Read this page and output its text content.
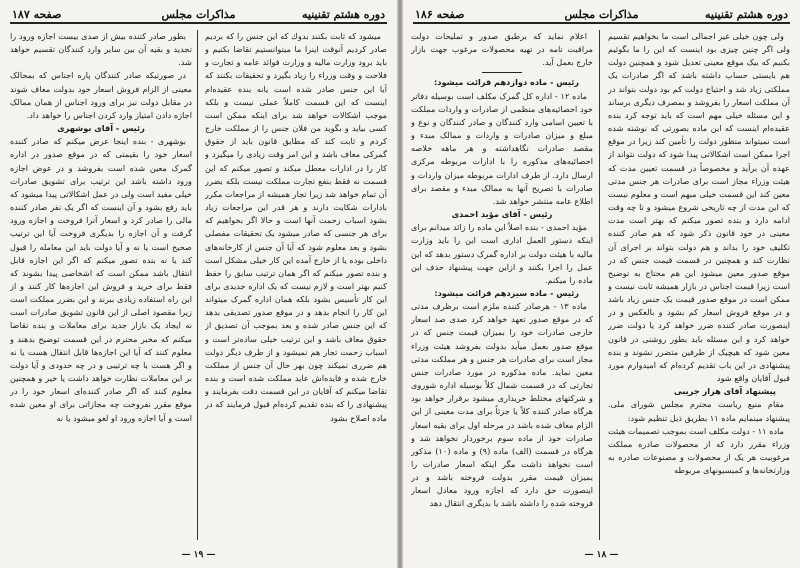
دوره هشتم تقنینیه
مذاکرات مجلس
صفحه ۱۸۷

میشود که ثابت بکنند بدوك كه این جنس را كه بردیم صادر کردیم آنوقت اینرا ما میتوانستیم تقاضا بکنیم و باید برود وزارت مالیه و وزارت فوائد عامه و تجارت و فلاحت و وقت وزراء را زیاد بگیرد و تحقیقات بکنند که آیا این جنس صادر شده است یانه بنده عقیده‌ام اینست که این قسمت کاملاً عملی نیست و بلکه موجب اشکالات خواهد شد برای اینکه ممکن است کسی بیاید و بگوید من فلان جنس را از مملکت خارج کردم و ثابت کند که مطابق قانون باید از حقوق گمرکی معاف باشد و این امر وقت زیادی را میگیرد و کار را در ادارات معطل میکند و تصور میکنم که این قسمت نه فقط بنفع تجارت مملکت نیست بلکه بضرر آن تمام خواهد شد زیرا تجار همیشه از مراجعات مکرر بادارات شکایت دارند و هر قدر این مراجعات زیاد بشود اسباب زحمت آنها است و حالا اگر بخواهیم که برای هر جنسی که صادر میشود یک تحقیقات مفصلی بشود و بعد معلوم شود که آیا آن جنس از کارخانه‌های داخلی بوده یا از خارج آمده این کار خیلی مشکل است و بنده تصور میکنم که اگر همان ترتیب سابق را حفظ کنیم بهتر است و لازم نیست که یک اداره جدیدی برای این کار تأسیس بشود بلکه همان اداره گمرک میتواند این کار را انجام بدهد و در موقع صدور تصدیقی بدهد که این جنس صادر شده و بعد بموجب آن تصدیق از حقوق معاف باشد و این ترتیب خیلی ساده‌تر است و اسباب زحمت تجار هم نمیشود و از طرف دیگر دولت هم ضرری نمیکند چون بهر حال آن جنس از مملکت خارج شده و فایده‌اش عاید مملکت شده است و بنده تقاضا میکنم که آقایان در این قسمت دقت بفرمایند و پیشنهادی را که بنده تقدیم کرده‌ام قبول فرمایند که در ماده اصلاح بشود

بطور صادر کننده بیش از صدی بیست اجازه ورود را تجدید و بقیه آن بین سایر وارد کنندگان تقسیم خواهد شد.

در صورتیکه صادر کنندگان پاره اجناس که بمحالک معینی از الزام فروش اسعار خود بدولت معاف شوند در مقابل دولت نیز برای ورود اجناس از همان ممالک اجازه دادن امتیاز وارد کردن اجناس را خواهد داد.

رئیس - آقای بوشهری

بوشهری - بنده اینجا عرض میکنم که صادر کننده اسعار خود را بقیمتی که در موقع صدور در اداره گمرک معین شده است بفروشد و در عوض اجازه ورود داشته باشد این ترتیب برای تشویق صادرات خیلی مفید است ولی در عمل اشکالاتی پیدا میشود که باید رفع بشود و آن اینست که اگر یک نفر صادر کننده مالی را صادر کرد و اسعار آنرا فروخت و اجازه ورود گرفت و آن اجازه را بدیگری فروخت آیا این ترتیب صحیح است یا نه و آیا دولت باید این معامله را قبول کند یا نه بنده تصور میکنم که اگر این اجازه قابل انتقال باشد ممکن است که اشخاصی پیدا بشوند که فقط برای خرید و فروش این اجازه‌ها کار کنند و از این راه استفاده زیادی ببرند و این بضرر مملکت است زیرا مقصود اصلی از این قانون تشویق صادرات است نه ایجاد یک بازار جدید برای معاملات و بنده تقاضا میکنم که مخبر محترم در این قسمت توضیح بدهند و معلوم کنند که آیا این اجازه‌ها قابل انتقال هست یا نه و اگر هست با چه ترتیبی و در چه حدودی و آیا دولت بر این معاملات نظارت خواهد داشت یا خیر و همچنین معلوم کنند که اگر صادر کننده‌ای اسعار خود را در موقع مقرر نفروخت چه مجازاتی برای او معین شده است و آیا اجازه ورود او لغو میشود یا نه

— ۱۹ —
دوره هشتم تقنینیه
مذاکرات مجلس
صفحه ۱۸۶

اعلام نماید که برطبق صدور و تملیحات دولت مراقبت تامه در تهیه محصولات مرغوب جهت بازار خارج بعمل آید.

رئیس - ماده دوازدهم قرائت میشود:

ماده ۱۲ - اداره کل گمرک مکلف است بوسیله دفاتر خود احصائیه‌های منظمی از صادرات و واردات مملکت با تعیین اسامی وارد کنندگان و صادر کنندگان و نوع و مبلغ و میزان صادرات و واردات و ممالک مبدء و مقصد صادرات نگاهداشته و هر ماهه خلاصه احصائیه‌های مذکوره را با ادارات مربوطه مرکزی ارسال دارد. از طرف ادارات مربوطه میزان واردات و صادرات با تصریح آنها به ممالک مبدء و مقصد برای اطلاع عامه منتشر خواهد شد.

رئیس - آقای مؤید احمدی

مؤید احمدی - بنده اصلاً این ماده را زائد میدانم برای اینکه دستور العمل اداری است این را باید وزارت مالیه با هیئت دولت بر اداره گمرک دستور بدهد که این عمل را اجرا بکنند و ازاین جهت پیشنهاد حذف این ماده را میکنم.

رئیس - ماده سیزدهم قرائت میشود:

ماده ۱۳ - هرصادر کننده ملزم است برظرف مدتی که در موقع صدور تعهد خواهد کرد صدی صد اسعار خارجی صادرات خود را بمیزان قیمت جنس که در موقع صدور بعمل میآید بدولت بفروشد هیئت وزراء مجاز است برای صادرات هر جنس و هر مملکت مدتی معین نماید. ماده مذکوره در مورد صادرات جنس تجارتی که در قسمت شمال کلاً بوسیله اداره شوروی و شرکتهای مختلط خریداری میشود برقرار خواهد بود هرگاه صادر کننده کلاً یا جزئاً برای مدت معینی از این الزام معاف شده باشد در مرحله اول برای بقیه اسعار صادرات خود از ماده سوم برخوردار نخواهد شد و هرگاه در قسمت (الف) ماده (۹) و ماده (۱۰) مذکور است نخواهد داشت مگر اینکه اسعار صادرات را بمیزان قیمت مقرر بدولت فروخته باشد و در اینصورت حق دارد که اجازه ورود معادل اسعار فروخته شده را داشته باشد یا بدیگری انتقال دهد

ولی چون خیلی غیر اجمالی است ما بخواهیم تقسیم ولی اگر چنین چیزی بود اینست که این را ما بگوئیم بکنیم که بیک موقع معینی تعدیل شود و همچنین دولت هم بایستی حساب داشته باشد که اگر صادرات یک مملکتی زیاد شد و احتیاج دولت کم بود دولت بتواند در آن مملکت اسعار را بفروشد و بمصرف دیگری برساند و این مسئله خیلی مهم است که باید توجه کرد بنده عقیده‌ام اینست که این ماده بصورتی که نوشته شده است نمیتواند منظور دولت را تأمین کند زیرا در موقع اجرا ممکن است اشکالاتی پیدا شود که دولت نتواند از عهده آن برآید و مخصوصاً در قسمت تعیین مدت که هیئت وزراء مجاز است برای صادرات هر جنس مدتی معین کند این قسمت خیلی مبهم است و معلوم نیست که این مدت از چه تاریخی شروع میشود و تا چه وقت ادامه دارد و بنده تصور میکنم که بهتر است مدت معینی در خود قانون ذکر شود که هم صادر کننده تکلیف خود را بداند و هم دولت بتواند بر اجرای آن نظارت کند و همچنین در قسمت قیمت جنس که در موقع صدور معین میشود این هم محتاج به توضیح است زیرا قیمت اجناس در بازار همیشه ثابت نیست و ممکن است در موقع صدور قیمت یک جنس زیاد باشد و در موقع فروش اسعار کم بشود و بالعکس و در اینصورت صادر کننده ضرر خواهد کرد یا دولت ضرر خواهد کرد و این مسئله باید بطور روشنی در قانون معین شود که هیچیک از طرفین متضرر نشوند و بنده پیشنهادی در این باب تقدیم کرده‌ام که امیدوارم مورد قبول آقایان واقع شود

پیشنهاد آقای هزار جریبی

مقام منیع ریاست محترم مجلس شورای ملی. پیشنهاد مینمایم ماده ۱۱ بطریق ذیل تنظیم شود:

ماده ۱۱ - دولت مکلف است بموجب تصمیمات هیئت وزراء مقرر دارد که از محصولات صادره مملکت مرغوبیت هر یک از محصولات و مصنوعات صادره به وزارتخانه‌ها و کمیسیونهای مربوطه

— ۱۸ —
